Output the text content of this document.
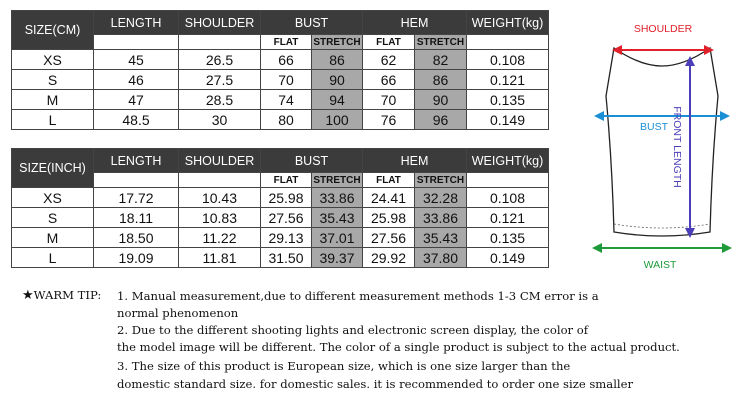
SIZE(CM)	LENGTH	SHOULDER	BUST		HEM		WEIGHT(kg)
			FLAT	STRETCH	FLAT	STRETCH	
XS	45	26.5	66	86	62	82	0.108
S	46	27.5	70	90	66	86	0.121
M	47	28.5	74	94	70	90	0.135
L	48.5	30	80	100	76	96	0.149
SIZE(INCH)	LENGTH	SHOULDER	BUST		HEM		WEIGHT(kg)
			FLAT	STRETCH	FLAT	STRETCH	
XS	17.72	10.43	25.98	33.86	24.41	32.28	0.108
S	18.11	10.83	27.56	35.43	25.98	33.86	0.121
M	18.50	11.22	29.13	37.01	27.56	35.43	0.135
L	19.09	11.81	31.50	39.37	29.92	37.80	0.149
SHOULDER
BUST FRONT LENGTH
WAIST
★WARM TIP: 1. Manual measurement,due to different measurement methods 1-3 CM error is a
normal phenomenon
2. Due to the different shooting lights and electronic screen display, the color of
the model image will be different. The color of a single product is subject to the actual product.
3. The size of this product is European size, which is one size larger than the
domestic standard size. for domestic sales. it is recommended to order one size smaller
